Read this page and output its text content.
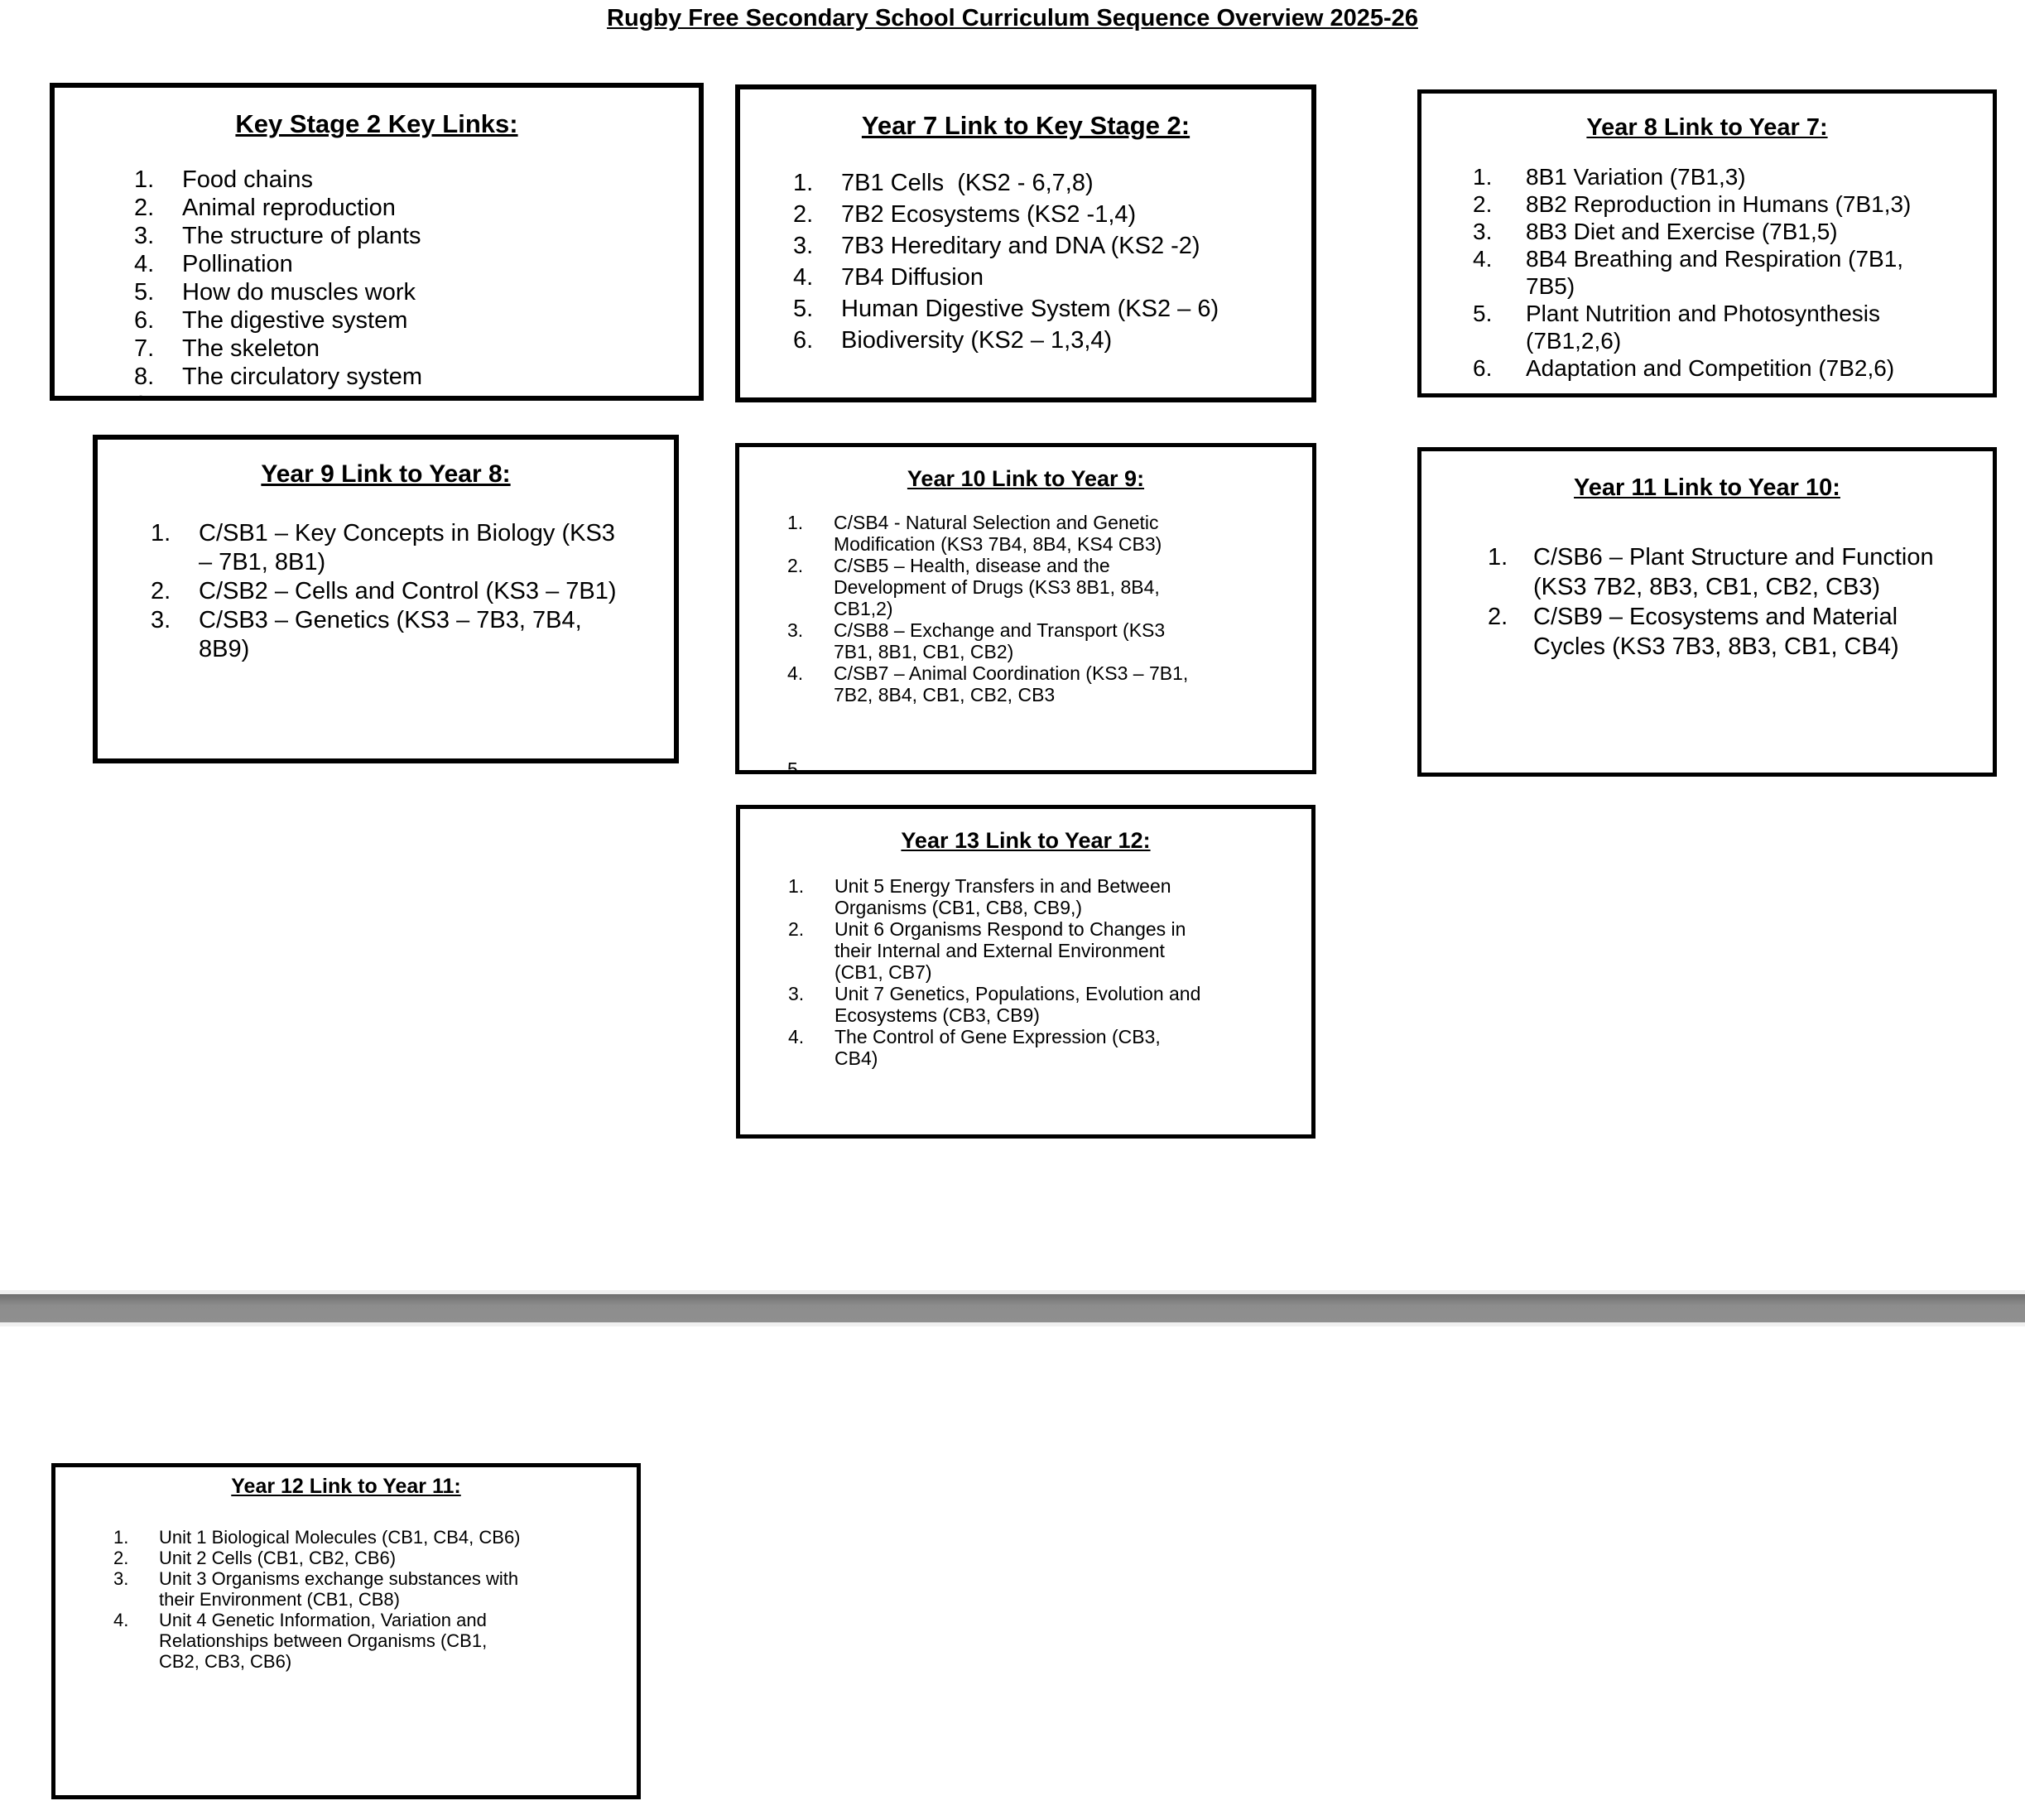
Rugby Free Secondary School Curriculum Sequence Overview 2025-26
Key Stage 2 Key Links:
Food chains
Animal reproduction
The structure of plants
Pollination
How do muscles work
The digestive system
The skeleton
The circulatory system
Year 7 Link to Key Stage 2:
7B1 Cells  (KS2 - 6,7,8)
7B2 Ecosystems (KS2 -1,4)
7B3 Hereditary and DNA (KS2 -2)
7B4 Diffusion
Human Digestive System (KS2 – 6)
Biodiversity (KS2 – 1,3,4)
Year 8 Link to Year 7:
8B1 Variation (7B1,3)
8B2 Reproduction in Humans (7B1,3)
8B3 Diet and Exercise (7B1,5)
8B4 Breathing and Respiration (7B1, 7B5)
Plant Nutrition and Photosynthesis (7B1,2,6)
Adaptation and Competition (7B2,6)
Year 9 Link to Year 8:
C/SB1 – Key Concepts in Biology (KS3 – 7B1, 8B1)
C/SB2 – Cells and Control (KS3 – 7B1)
C/SB3 – Genetics (KS3 – 7B3, 7B4, 8B9)
Year 10 Link to Year 9:
C/SB4 - Natural Selection and Genetic Modification (KS3 7B4, 8B4, KS4 CB3)
C/SB5 – Health, disease and the Development of Drugs (KS3 8B1, 8B4, CB1,2)
C/SB8 – Exchange and Transport (KS3 7B1, 8B1, CB1, CB2)
C/SB7 – Animal Coordination (KS3 – 7B1, 7B2, 8B4, CB1, CB2, CB3
Year 11 Link to Year 10:
C/SB6 – Plant Structure and Function (KS3 7B2, 8B3, CB1, CB2, CB3)
C/SB9 – Ecosystems and Material Cycles (KS3 7B3, 8B3, CB1, CB4)
Year 13 Link to Year 12:
Unit 5 Energy Transfers in and Between Organisms (CB1, CB8, CB9,)
Unit 6 Organisms Respond to Changes in their Internal and External Environment (CB1, CB7)
Unit 7 Genetics, Populations, Evolution and Ecosystems (CB3, CB9)
The Control of Gene Expression (CB3, CB4)
Year 12 Link to Year 11:
Unit 1 Biological Molecules (CB1, CB4, CB6)
Unit 2 Cells (CB1, CB2, CB6)
Unit 3 Organisms exchange substances with their Environment (CB1, CB8)
Unit 4 Genetic Information, Variation and Relationships between Organisms (CB1, CB2, CB3, CB6)
